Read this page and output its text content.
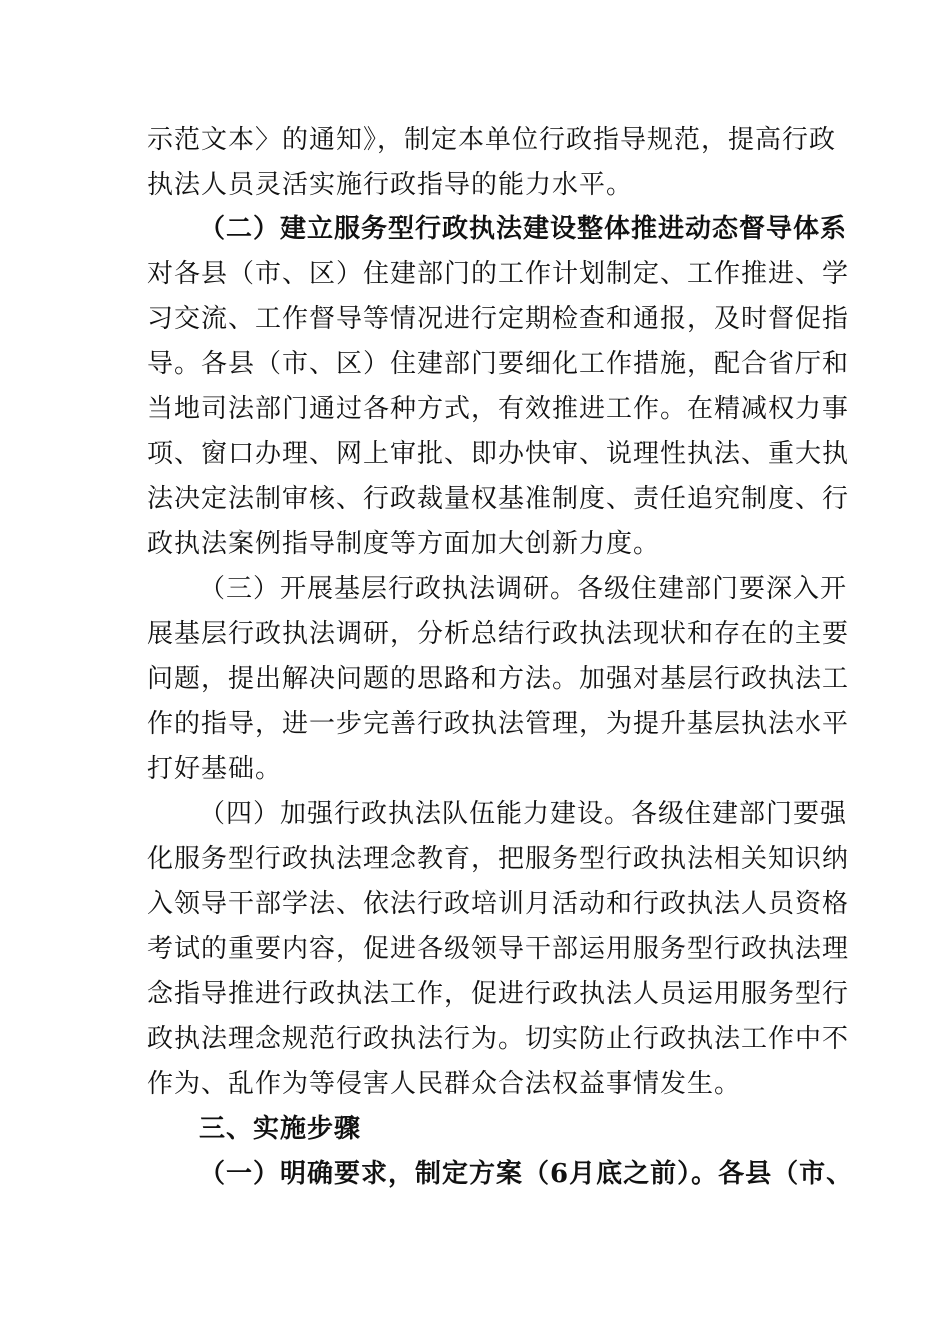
示范文本〉的通知》，制定本单位行政指导规范，提高行政
执法人员灵活实施行政指导的能力水平。
（二）建立服务型行政执法建设整体推进动态督导体系
对各县（市、区）住建部门的工作计划制定、工作推进、学
习交流、工作督导等情况进行定期检查和通报，及时督促指
导。各县（市、区）住建部门要细化工作措施，配合省厅和
当地司法部门通过各种方式，有效推进工作。在精减权力事
项、窗口办理、网上审批、即办快审、说理性执法、重大执
法决定法制审核、行政裁量权基准制度、责任追究制度、行
政执法案例指导制度等方面加大创新力度。
（三）开展基层行政执法调研。各级住建部门要深入开
展基层行政执法调研，分析总结行政执法现状和存在的主要
问题，提出解决问题的思路和方法。加强对基层行政执法工
作的指导，进一步完善行政执法管理，为提升基层执法水平
打好基础。
（四）加强行政执法队伍能力建设。各级住建部门要强
化服务型行政执法理念教育，把服务型行政执法相关知识纳
入领导干部学法、依法行政培训月活动和行政执法人员资格
考试的重要内容，促进各级领导干部运用服务型行政执法理
念指导推进行政执法工作，促进行政执法人员运用服务型行
政执法理念规范行政执法行为。切实防止行政执法工作中不
作为、乱作为等侵害人民群众合法权益事情发生。
三、实施步骤
（一）明确要求，制定方案（6月底之前）。各县（市、
